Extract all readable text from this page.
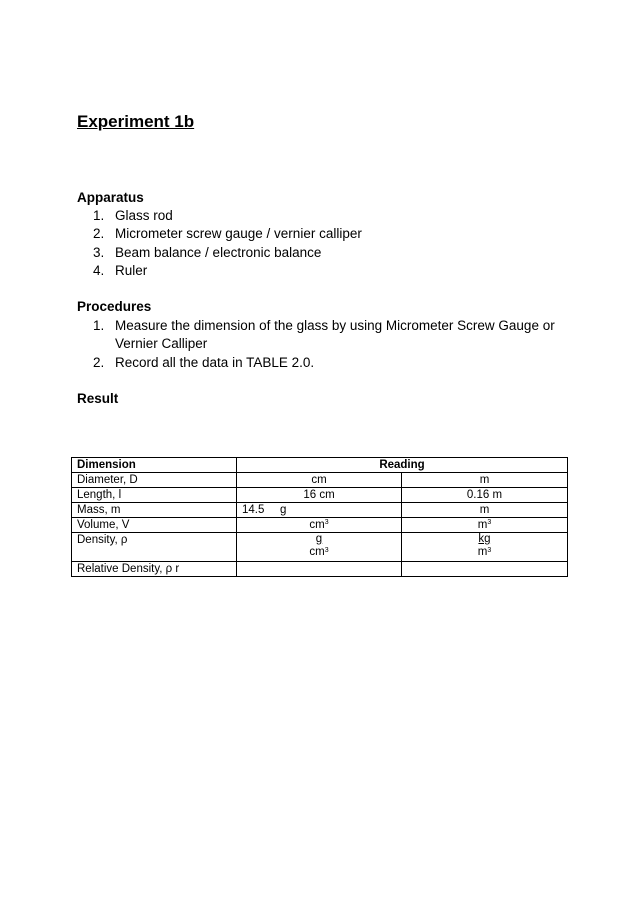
Experiment 1b
Apparatus
1. Glass rod
2. Micrometer screw gauge / vernier calliper
3. Beam balance / electronic balance
4. Ruler
Procedures
1. Measure the dimension of the glass by using Micrometer Screw Gauge or Vernier Calliper
2. Record all the data in TABLE 2.0.
Result
Dimension	Reading	
Diameter, D	cm	m
Length, l	16 cm	0.16 m
Mass, m	14.5 g	m
Volume, V	$cm^3$	$m^3$
Density, ρ	$\frac{g}{cm^3}$	$\frac{kg}{m^3}$

Relative Density, ρ r		
